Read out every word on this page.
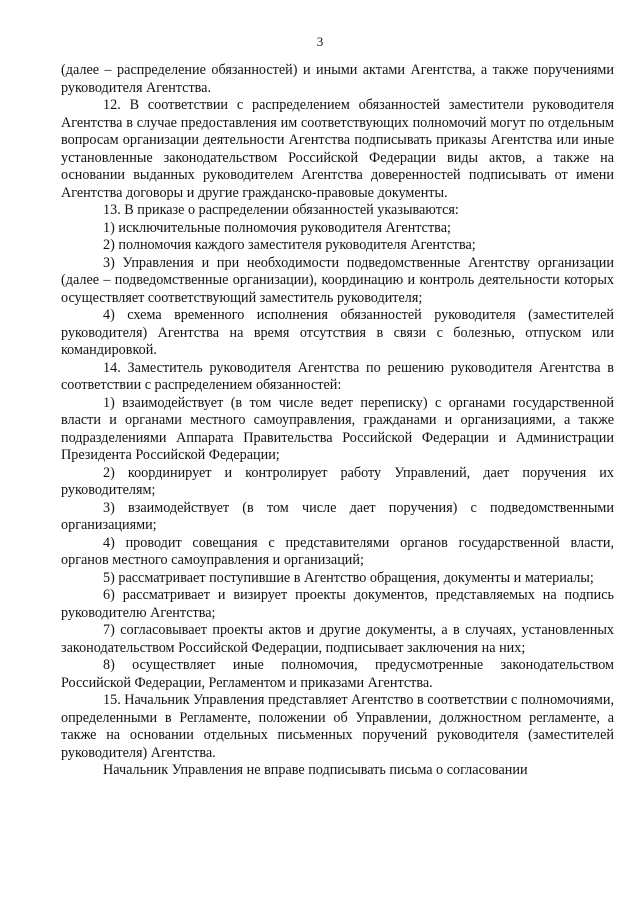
3

(далее – распределение обязанностей) и иными актами Агентства, а также поручениями руководителя Агентства.

12. В соответствии с распределением обязанностей заместители руководителя Агентства в случае предоставления им соответствующих полномочий могут по отдельным вопросам организации деятельности Агентства подписывать приказы Агентства или иные установленные законодательством Российской Федерации виды актов, а также на основании выданных руководителем Агентства доверенностей подписывать от имени Агентства договоры и другие гражданско-правовые документы.

13. В приказе о распределении обязанностей указываются:

1) исключительные полномочия руководителя Агентства;

2) полномочия каждого заместителя руководителя Агентства;

3) Управления и при необходимости подведомственные Агентству организации (далее – подведомственные организации), координацию и контроль деятельности которых осуществляет соответствующий заместитель руководителя;

4) схема временного исполнения обязанностей руководителя (заместителей руководителя) Агентства на время отсутствия в связи с болезнью, отпуском или командировкой.

14. Заместитель руководителя Агентства по решению руководителя Агентства в соответствии с распределением обязанностей:

1) взаимодействует (в том числе ведет переписку) с органами государственной власти и органами местного самоуправления, гражданами и организациями, а также подразделениями Аппарата Правительства Российской Федерации и Администрации Президента Российской Федерации;

2) координирует и контролирует работу Управлений, дает поручения их руководителям;

3) взаимодействует (в том числе дает поручения) с подведомственными организациями;

4) проводит совещания с представителями органов государственной власти, органов местного самоуправления и организаций;

5) рассматривает поступившие в Агентство обращения, документы и материалы;

6) рассматривает и визирует проекты документов, представляемых на подпись руководителю Агентства;

7) согласовывает проекты актов и другие документы, а в случаях, установленных законодательством Российской Федерации, подписывает заключения на них;

8) осуществляет иные полномочия, предусмотренные законодательством Российской Федерации, Регламентом и приказами Агентства.

15. Начальник Управления представляет Агентство в соответствии с полномочиями, определенными в Регламенте, положении об Управлении, должностном регламенте, а также на основании отдельных письменных поручений руководителя (заместителей руководителя) Агентства.

Начальник Управления не вправе подписывать письма о согласовании
